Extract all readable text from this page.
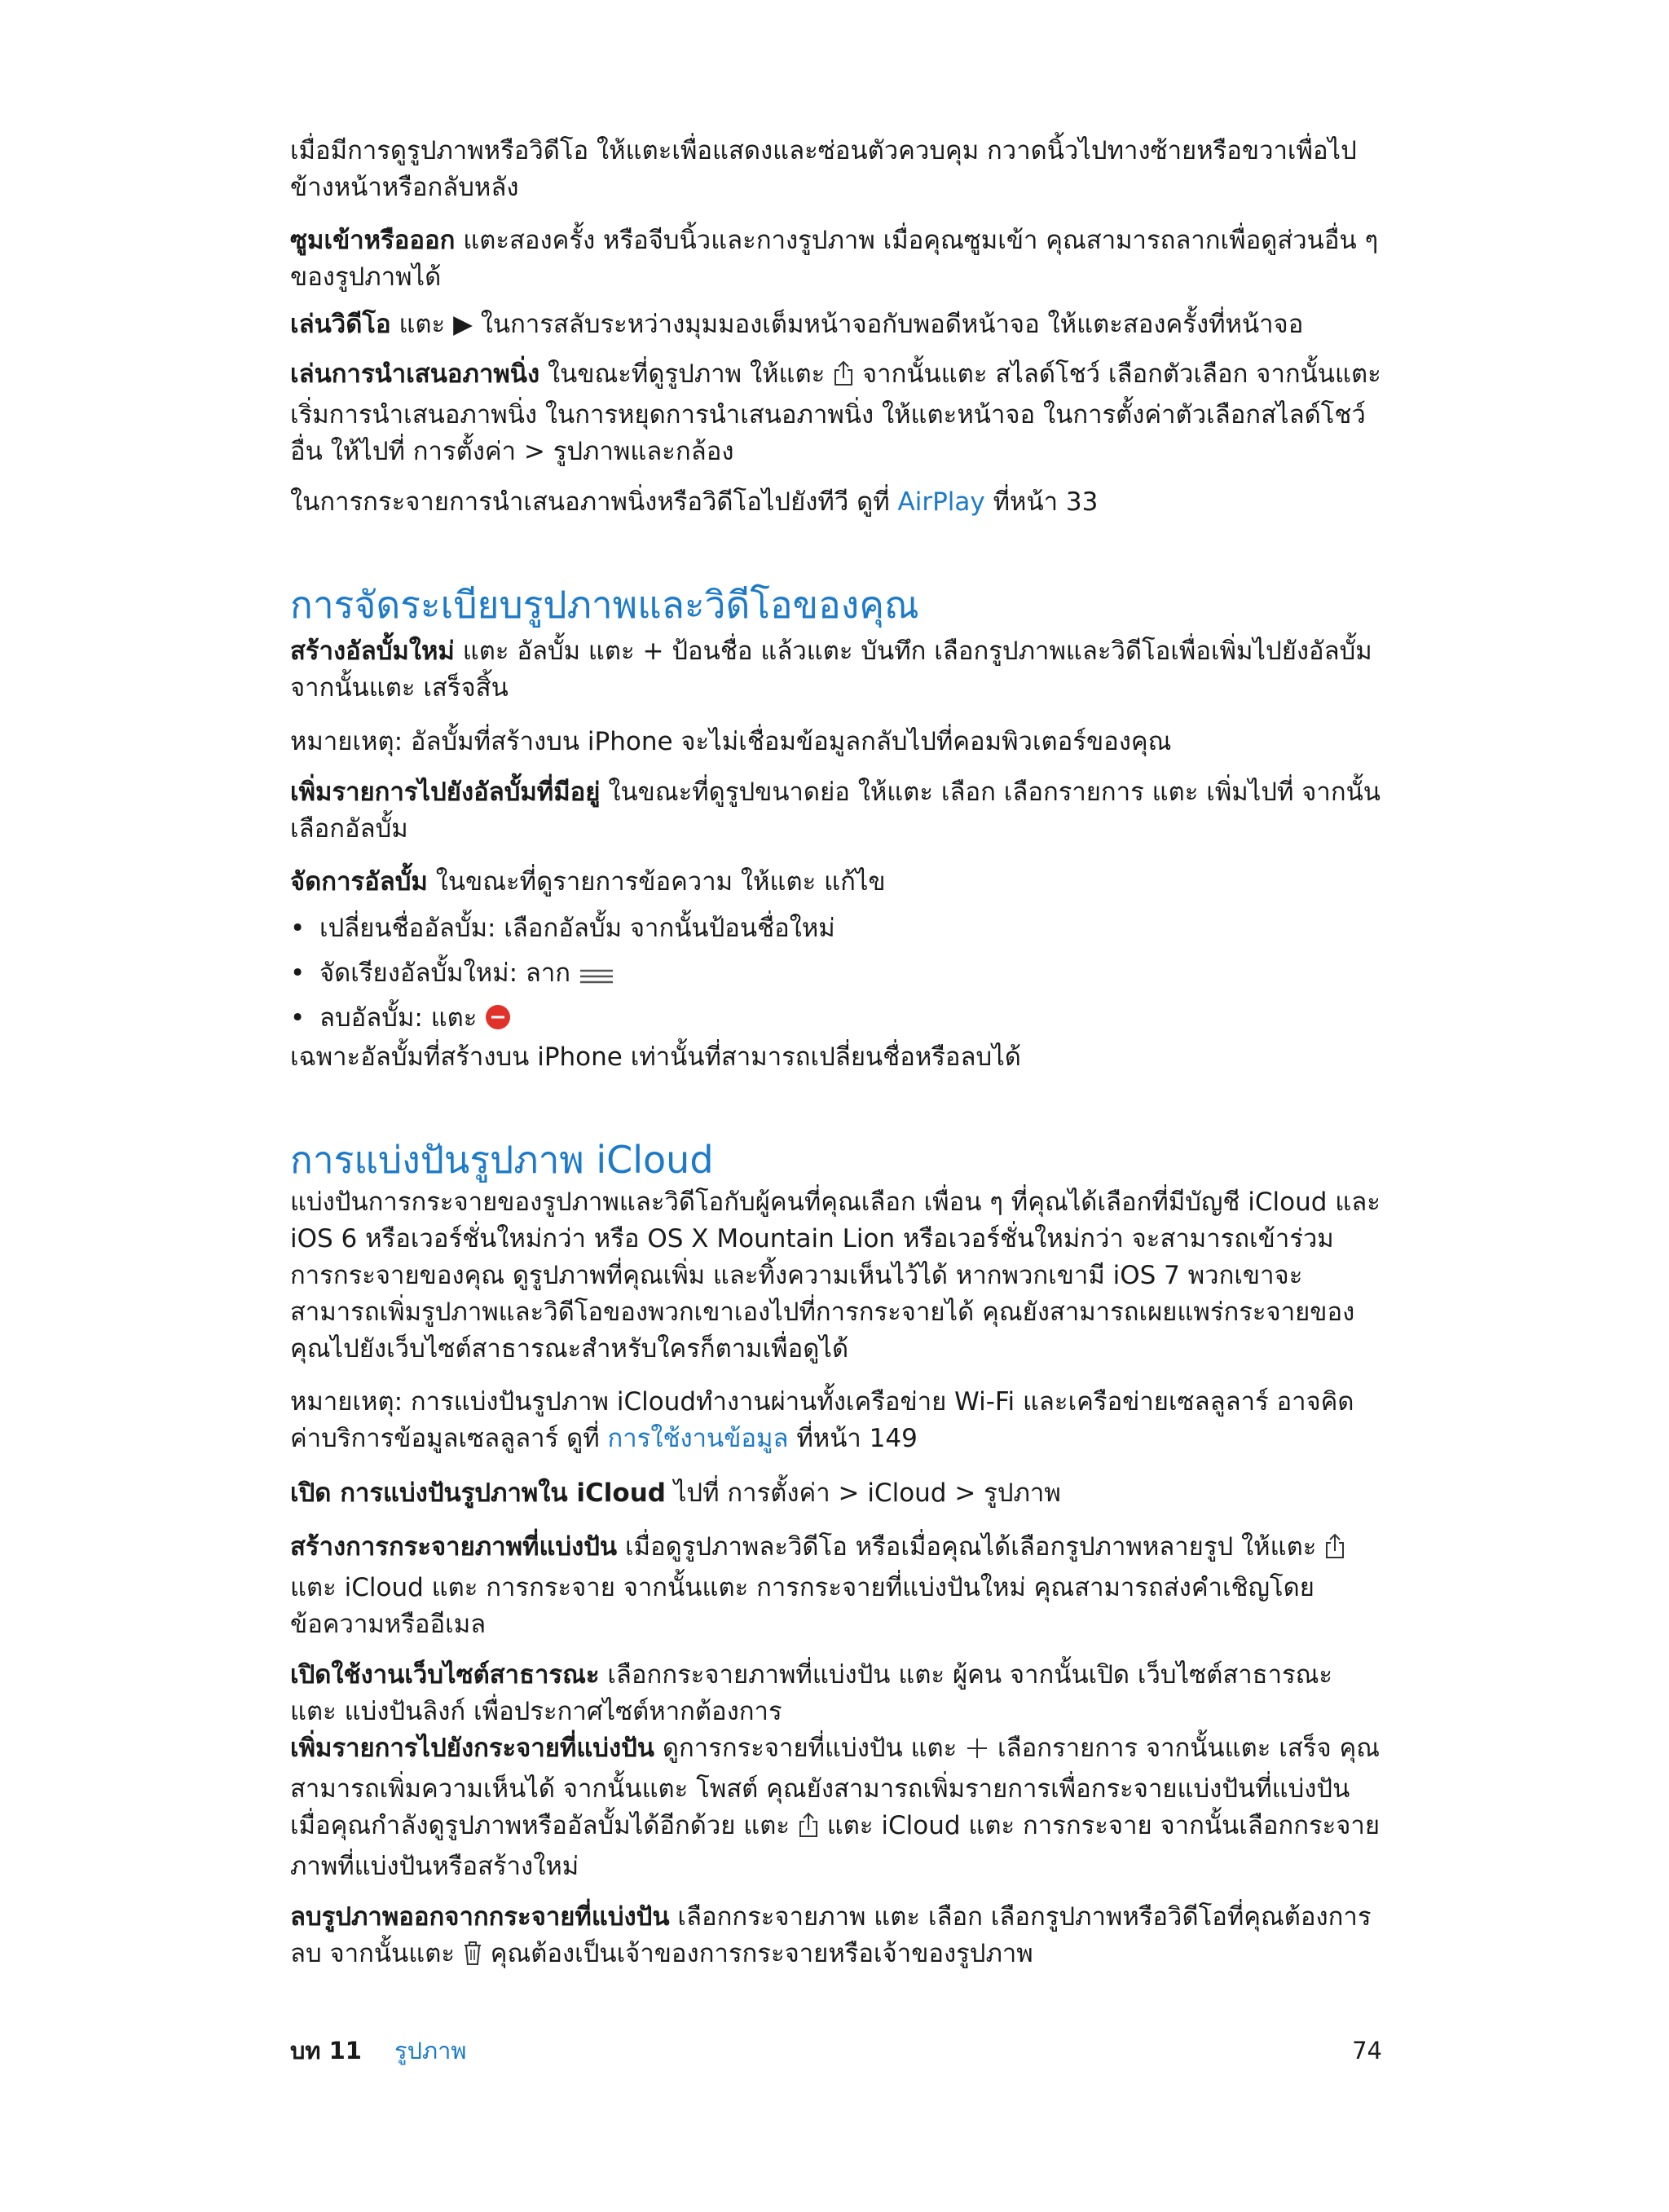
เมื่อมีการดูรูปภาพหรือวิดีโอ ให้แตะเพื่อแสดงและซ่อนตัวควบคุม กวาดนิ้วไปทางซ้ายหรือขวาเพื่อไปข้างหน้าหรือกลับหลัง

ซูมเข้าหรือออก แตะสองครั้ง หรือจีบนิ้วและกางรูปภาพ เมื่อคุณซูมเข้า คุณสามารถลากเพื่อดูส่วนอื่น ๆ ของรูปภาพได้

เล่นวิดีโอ แตะ ▶ ในการสลับระหว่างมุมมองเต็มหน้าจอกับพอดีหน้าจอ ให้แตะสองครั้งที่หน้าจอ

เล่นการนำเสนอภาพนิ่ง ในขณะที่ดูรูปภาพ ให้แตะ  จากนั้นแตะ สไลด์โชว์ เลือกตัวเลือก จากนั้นแตะ เริ่มการนำเสนอภาพนิ่ง ในการหยุดการนำเสนอภาพนิ่ง ให้แตะหน้าจอ ในการตั้งค่าตัวเลือกสไลด์โชว์อื่น ให้ไปที่ การตั้งค่า > รูปภาพและกล้อง

ในการกระจายการนำเสนอภาพนิ่งหรือวิดีโอไปยังทีวี ดูที่ AirPlay ที่หน้า 33

การจัดระเบียบรูปภาพและวิดีโอของคุณ

สร้างอัลบั้มใหม่ แตะ อัลบั้ม แตะ + ป้อนชื่อ แล้วแตะ บันทึก เลือกรูปภาพและวิดีโอเพื่อเพิ่มไปยังอัลบั้ม จากนั้นแตะ เสร็จสิ้น

หมายเหตุ: อัลบั้มที่สร้างบน iPhone จะไม่เชื่อมข้อมูลกลับไปที่คอมพิวเตอร์ของคุณ

เพิ่มรายการไปยังอัลบั้มที่มีอยู่ ในขณะที่ดูรูปขนาดย่อ ให้แตะ เลือก เลือกรายการ แตะ เพิ่มไปที่ จากนั้นเลือกอัลบั้ม

จัดการอัลบั้ม ในขณะที่ดูรายการข้อความ ให้แตะ แก้ไข

• เปลี่ยนชื่ออัลบั้ม: เลือกอัลบั้ม จากนั้นป้อนชื่อใหม่

• จัดเรียงอัลบั้มใหม่: ลาก

• ลบอัลบั้ม: แตะ

เฉพาะอัลบั้มที่สร้างบน iPhone เท่านั้นที่สามารถเปลี่ยนชื่อหรือลบได้

การแบ่งปันรูปภาพ iCloud

แบ่งปันการกระจายของรูปภาพและวิดีโอกับผู้คนที่คุณเลือก เพื่อน ๆ ที่คุณได้เลือกที่มีบัญชี iCloud และ iOS 6 หรือเวอร์ชั่นใหม่กว่า หรือ OS X Mountain Lion หรือเวอร์ชั่นใหม่กว่า จะสามารถเข้าร่วมการกระจายของคุณ ดูรูปภาพที่คุณเพิ่ม และทิ้งความเห็นไว้ได้ หากพวกเขามี iOS 7 พวกเขาจะสามารถเพิ่มรูปภาพและวิดีโอของพวกเขาเองไปที่การกระจายได้ คุณยังสามารถเผยแพร่กระจายของคุณไปยังเว็บไซต์สาธารณะสำหรับใครก็ตามเพื่อดูได้

หมายเหตุ: การแบ่งปันรูปภาพ iCloudทำงานผ่านทั้งเครือข่าย Wi-Fi และเครือข่ายเซลลูลาร์ อาจคิดค่าบริการข้อมูลเซลลูลาร์ ดูที่ การใช้งานข้อมูล ที่หน้า 149

เปิด การแบ่งปันรูปภาพใน iCloud ไปที่ การตั้งค่า > iCloud > รูปภาพ

สร้างการกระจายภาพที่แบ่งปัน เมื่อดูรูปภาพละวิดีโอ หรือเมื่อคุณได้เลือกรูปภาพหลายรูป ให้แตะ  แตะ iCloud แตะ การกระจาย จากนั้นแตะ การกระจายที่แบ่งปันใหม่ คุณสามารถส่งคำเชิญโดยข้อความหรืออีเมล

เปิดใช้งานเว็บไซต์สาธารณะ เลือกกระจายภาพที่แบ่งปัน แตะ ผู้คน จากนั้นเปิด เว็บไซต์สาธารณะ แตะ แบ่งปันลิงก์ เพื่อประกาศไซต์หากต้องการ

เพิ่มรายการไปยังกระจายที่แบ่งปัน ดูการกระจายที่แบ่งปัน แตะ  เลือกรายการ จากนั้นแตะ เสร็จ คุณสามารถเพิ่มความเห็นได้ จากนั้นแตะ โพสต์ คุณยังสามารถเพิ่มรายการเพื่อกระจายแบ่งปันที่แบ่งปันเมื่อคุณกำลังดูรูปภาพหรืออัลบั้มได้อีกด้วย แตะ  แตะ iCloud แตะ การกระจาย จากนั้นเลือกกระจายภาพที่แบ่งปันหรือสร้างใหม่

ลบรูปภาพออกจากกระจายที่แบ่งปัน เลือกกระจายภาพ แตะ เลือก เลือกรูปภาพหรือวิดีโอที่คุณต้องการลบ จากนั้นแตะ  คุณต้องเป็นเจ้าของการกระจายหรือเจ้าของรูปภาพ

บท 11 รูปภาพ	74
